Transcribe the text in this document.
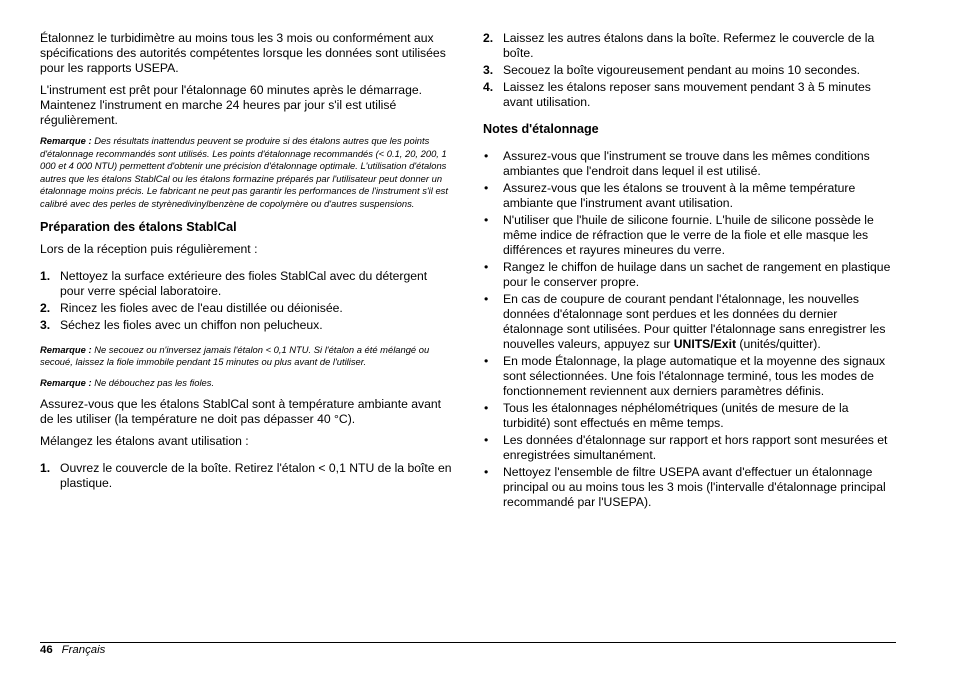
Étalonnez le turbidimètre au moins tous les 3 mois ou conformément aux spécifications des autorités compétentes lorsque les données sont utilisées pour les rapports USEPA.

L'instrument est prêt pour l'étalonnage 60 minutes après le démarrage. Maintenez l'instrument en marche 24 heures par jour s'il est utilisé régulièrement.

Remarque : Des résultats inattendus peuvent se produire si des étalons autres que les points d'étalonnage recommandés sont utilisés. Les points d'étalonnage recommandés (< 0.1, 20, 200, 1 000 et 4 000 NTU) permettent d'obtenir une précision d'étalonnage optimale. L'utilisation d'étalons autres que les étalons StablCal ou les étalons formazine préparés par l'utilisateur peut donner un étalonnage moins précis. Le fabricant ne peut pas garantir les performances de l'instrument s'il est calibré avec des perles de styrènedivinylbenzène de copolymère ou d'autres suspensions.

Préparation des étalons StablCal

Lors de la réception puis régulièrement :

1. Nettoyez la surface extérieure des fioles StablCal avec du détergent pour verre spécial laboratoire.
2. Rincez les fioles avec de l'eau distillée ou déionisée.
3. Séchez les fioles avec un chiffon non pelucheux.

Remarque : Ne secouez ou n'inversez jamais l'étalon < 0,1 NTU. Si l'étalon a été mélangé ou secoué, laissez la fiole immobile pendant 15 minutes ou plus avant de l'utiliser.

Remarque : Ne débouchez pas les fioles.

Assurez-vous que les étalons StablCal sont à température ambiante avant de les utiliser (la température ne doit pas dépasser 40 °C).

Mélangez les étalons avant utilisation :

1. Ouvrez le couvercle de la boîte. Retirez l'étalon < 0,1 NTU de la boîte en plastique.
2. Laissez les autres étalons dans la boîte. Refermez le couvercle de la boîte.
3. Secouez la boîte vigoureusement pendant au moins 10 secondes.
4. Laissez les étalons reposer sans mouvement pendant 3 à 5 minutes avant utilisation.
Notes d'étalonnage
• Assurez-vous que l'instrument se trouve dans les mêmes conditions ambiantes que l'endroit dans lequel il est utilisé.
• Assurez-vous que les étalons se trouvent à la même température ambiante que l'instrument avant utilisation.
• N'utiliser que l'huile de silicone fournie. L'huile de silicone possède le même indice de réfraction que le verre de la fiole et elle masque les différences et rayures mineures du verre.
• Rangez le chiffon de huilage dans un sachet de rangement en plastique pour le conserver propre.
• En cas de coupure de courant pendant l'étalonnage, les nouvelles données d'étalonnage sont perdues et les données du dernier étalonnage sont utilisées. Pour quitter l'étalonnage sans enregistrer les nouvelles valeurs, appuyez sur UNITS/Exit (unités/quitter).
• En mode Étalonnage, la plage automatique et la moyenne des signaux sont sélectionnées. Une fois l'étalonnage terminé, tous les modes de fonctionnement reviennent aux derniers paramètres définis.
• Tous les étalonnages néphélométriques (unités de mesure de la turbidité) sont effectués en même temps.
• Les données d'étalonnage sur rapport et hors rapport sont mesurées et enregistrées simultanément.
• Nettoyez l'ensemble de filtre USEPA avant d'effectuer un étalonnage principal ou au moins tous les 3 mois (l'intervalle d'étalonnage principal recommandé par l'USEPA).
46 Français
